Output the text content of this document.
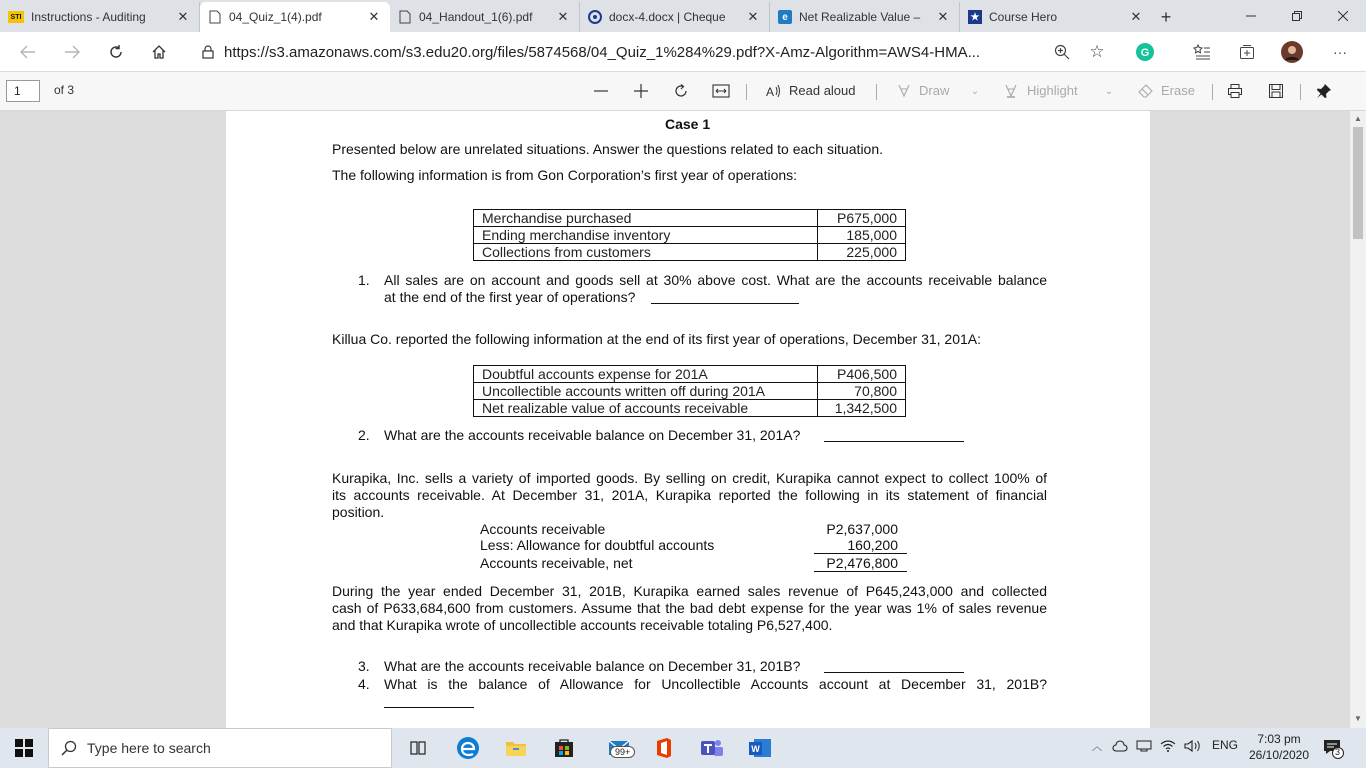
STI Instructions - Auditing	✕	04_Quiz_1(4).pdf	✕	04_Handout_1(6).pdf	✕	docx-4.docx | Cheque	✕	e Net Realizable Value –	✕ ★ Course Hero	✕	+
https://s3.amazonaws.com/s3.edu20.org/files/5874568/04_Quiz_1%284%29.pdf?X-Amz-Algorithm=AWS4-HMA...	☆	G	···
1	of 3	A Read aloud	Draw	⌄	Highlight	⌄	Erase
Case 1
Presented below are unrelated situations. Answer the questions related to each situation.
The following information is from Gon Corporation’s first year of operations:
Merchandise purchased	P675,000
Ending merchandise inventory	185,000
Collections from customers	225,000
1. All sales are on account and goods sell at 30% above cost. What are the accounts receivable balance
at the end of the first year of operations?
Killua Co. reported the following information at the end of its first year of operations, December 31, 201A:
Doubtful accounts expense for 201A	P406,500
Uncollectible accounts written off during 201A	70,800
Net realizable value of accounts receivable	1,342,500
2. What are the accounts receivable balance on December 31, 201A?
Kurapika, Inc. sells a variety of imported goods. By selling on credit, Kurapika cannot expect to collect 100% of
its accounts receivable. At December 31, 201A, Kurapika reported the following in its statement of financial
position.
Accounts receivable	P2,637,000
Less: Allowance for doubtful accounts	160,200
Accounts receivable, net	P2,476,800
During the year ended December 31, 201B, Kurapika earned sales revenue of P645,243,000 and collected
cash of P633,684,600 from customers. Assume that the bad debt expense for the year was 1% of sales revenue
and that Kurapika wrote of uncollectible accounts receivable totaling P6,527,400.
3. What are the accounts receivable balance on December 31, 201B?
4. What is the balance of Allowance for Uncollectible Accounts account at December 31, 201B?
▲
▼
Type here to search	99+	W	︿	ENG	7:03 pm
26/10/2020	3
